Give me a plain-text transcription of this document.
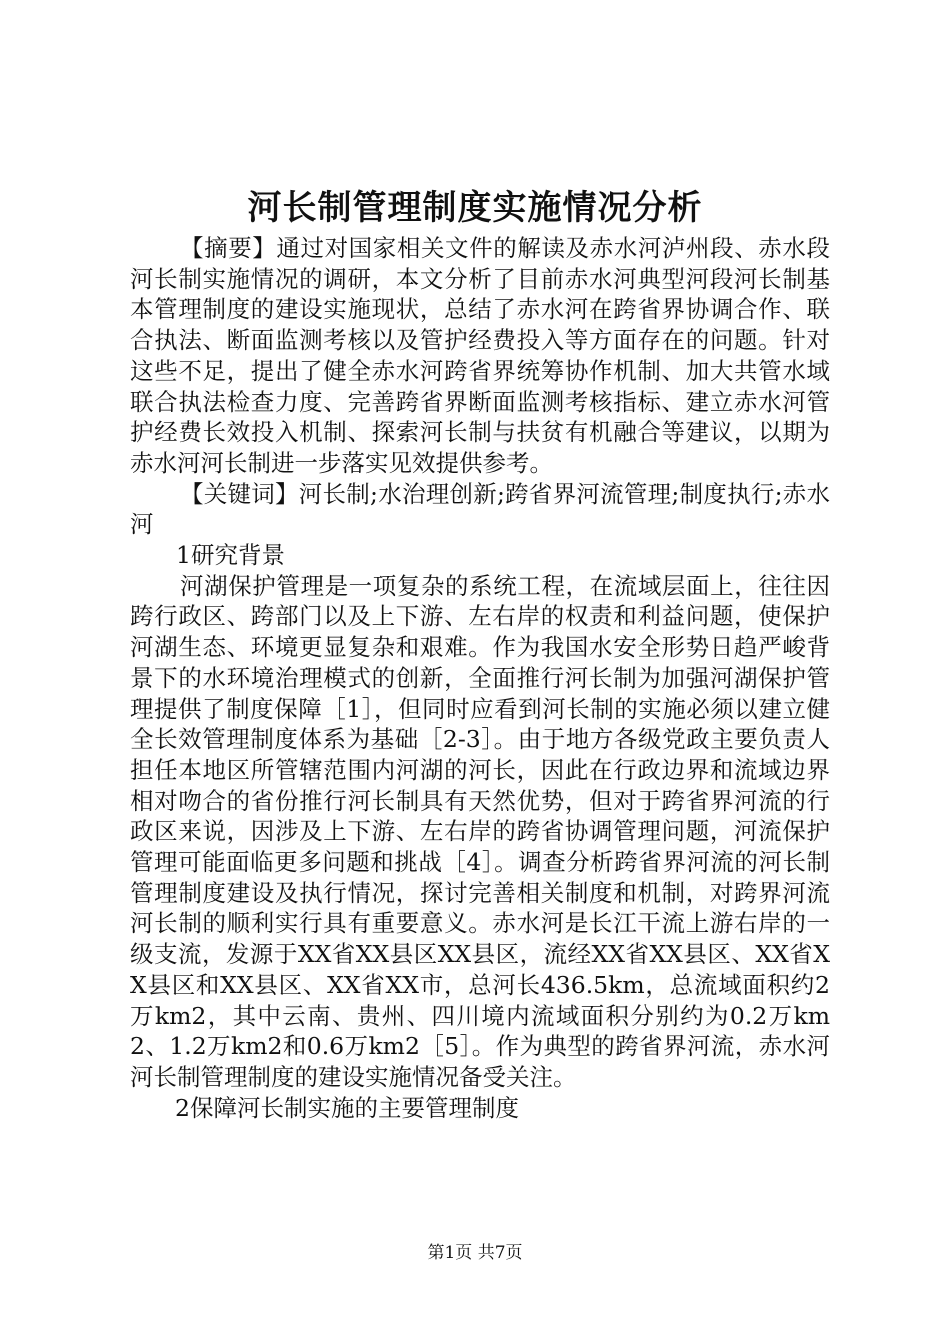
河长制管理制度实施情况分析

【摘要】通过对国家相关文件的解读及赤水河泸州段、赤水段河长制实施情况的调研，本文分析了目前赤水河典型河段河长制基本管理制度的建设实施现状，总结了赤水河在跨省界协调合作、联合执法、断面监测考核以及管护经费投入等方面存在的问题。针对这些不足，提出了健全赤水河跨省界统筹协作机制、加大共管水域联合执法检查力度、完善跨省界断面监测考核指标、建立赤水河管护经费长效投入机制、探索河长制与扶贫有机融合等建议，以期为赤水河河长制进一步落实见效提供参考。

【关键词】河长制;水治理创新;跨省界河流管理;制度执行;赤水河

1研究背景

河湖保护管理是一项复杂的系统工程，在流域层面上，往往因跨行政区、跨部门以及上下游、左右岸的权责和利益问题，使保护河湖生态、环境更显复杂和艰难。作为我国水安全形势日趋严峻背景下的水环境治理模式的创新，全面推行河长制为加强河湖保护管理提供了制度保障［1］，但同时应看到河长制的实施必须以建立健全长效管理制度体系为基础［2-3］。由于地方各级党政主要负责人担任本地区所管辖范围内河湖的河长，因此在行政边界和流域边界相对吻合的省份推行河长制具有天然优势，但对于跨省界河流的行政区来说，因涉及上下游、左右岸的跨省协调管理问题，河流保护管理可能面临更多问题和挑战［4］。调查分析跨省界河流的河长制管理制度建设及执行情况，探讨完善相关制度和机制，对跨界河流河长制的顺利实行具有重要意义。赤水河是长江干流上游右岸的一级支流，发源于XX省XX县区XX县区，流经XX省XX县区、XX省XX县区和XX县区、XX省XX市，总河长436.5km，总流域面积约2万km2，其中云南、贵州、四川境内流域面积分别约为0.2万km2、1.2万km2和0.6万km2［5］。作为典型的跨省界河流，赤水河河长制管理制度的建设实施情况备受关注。

2保障河长制实施的主要管理制度

第1页 共7页
